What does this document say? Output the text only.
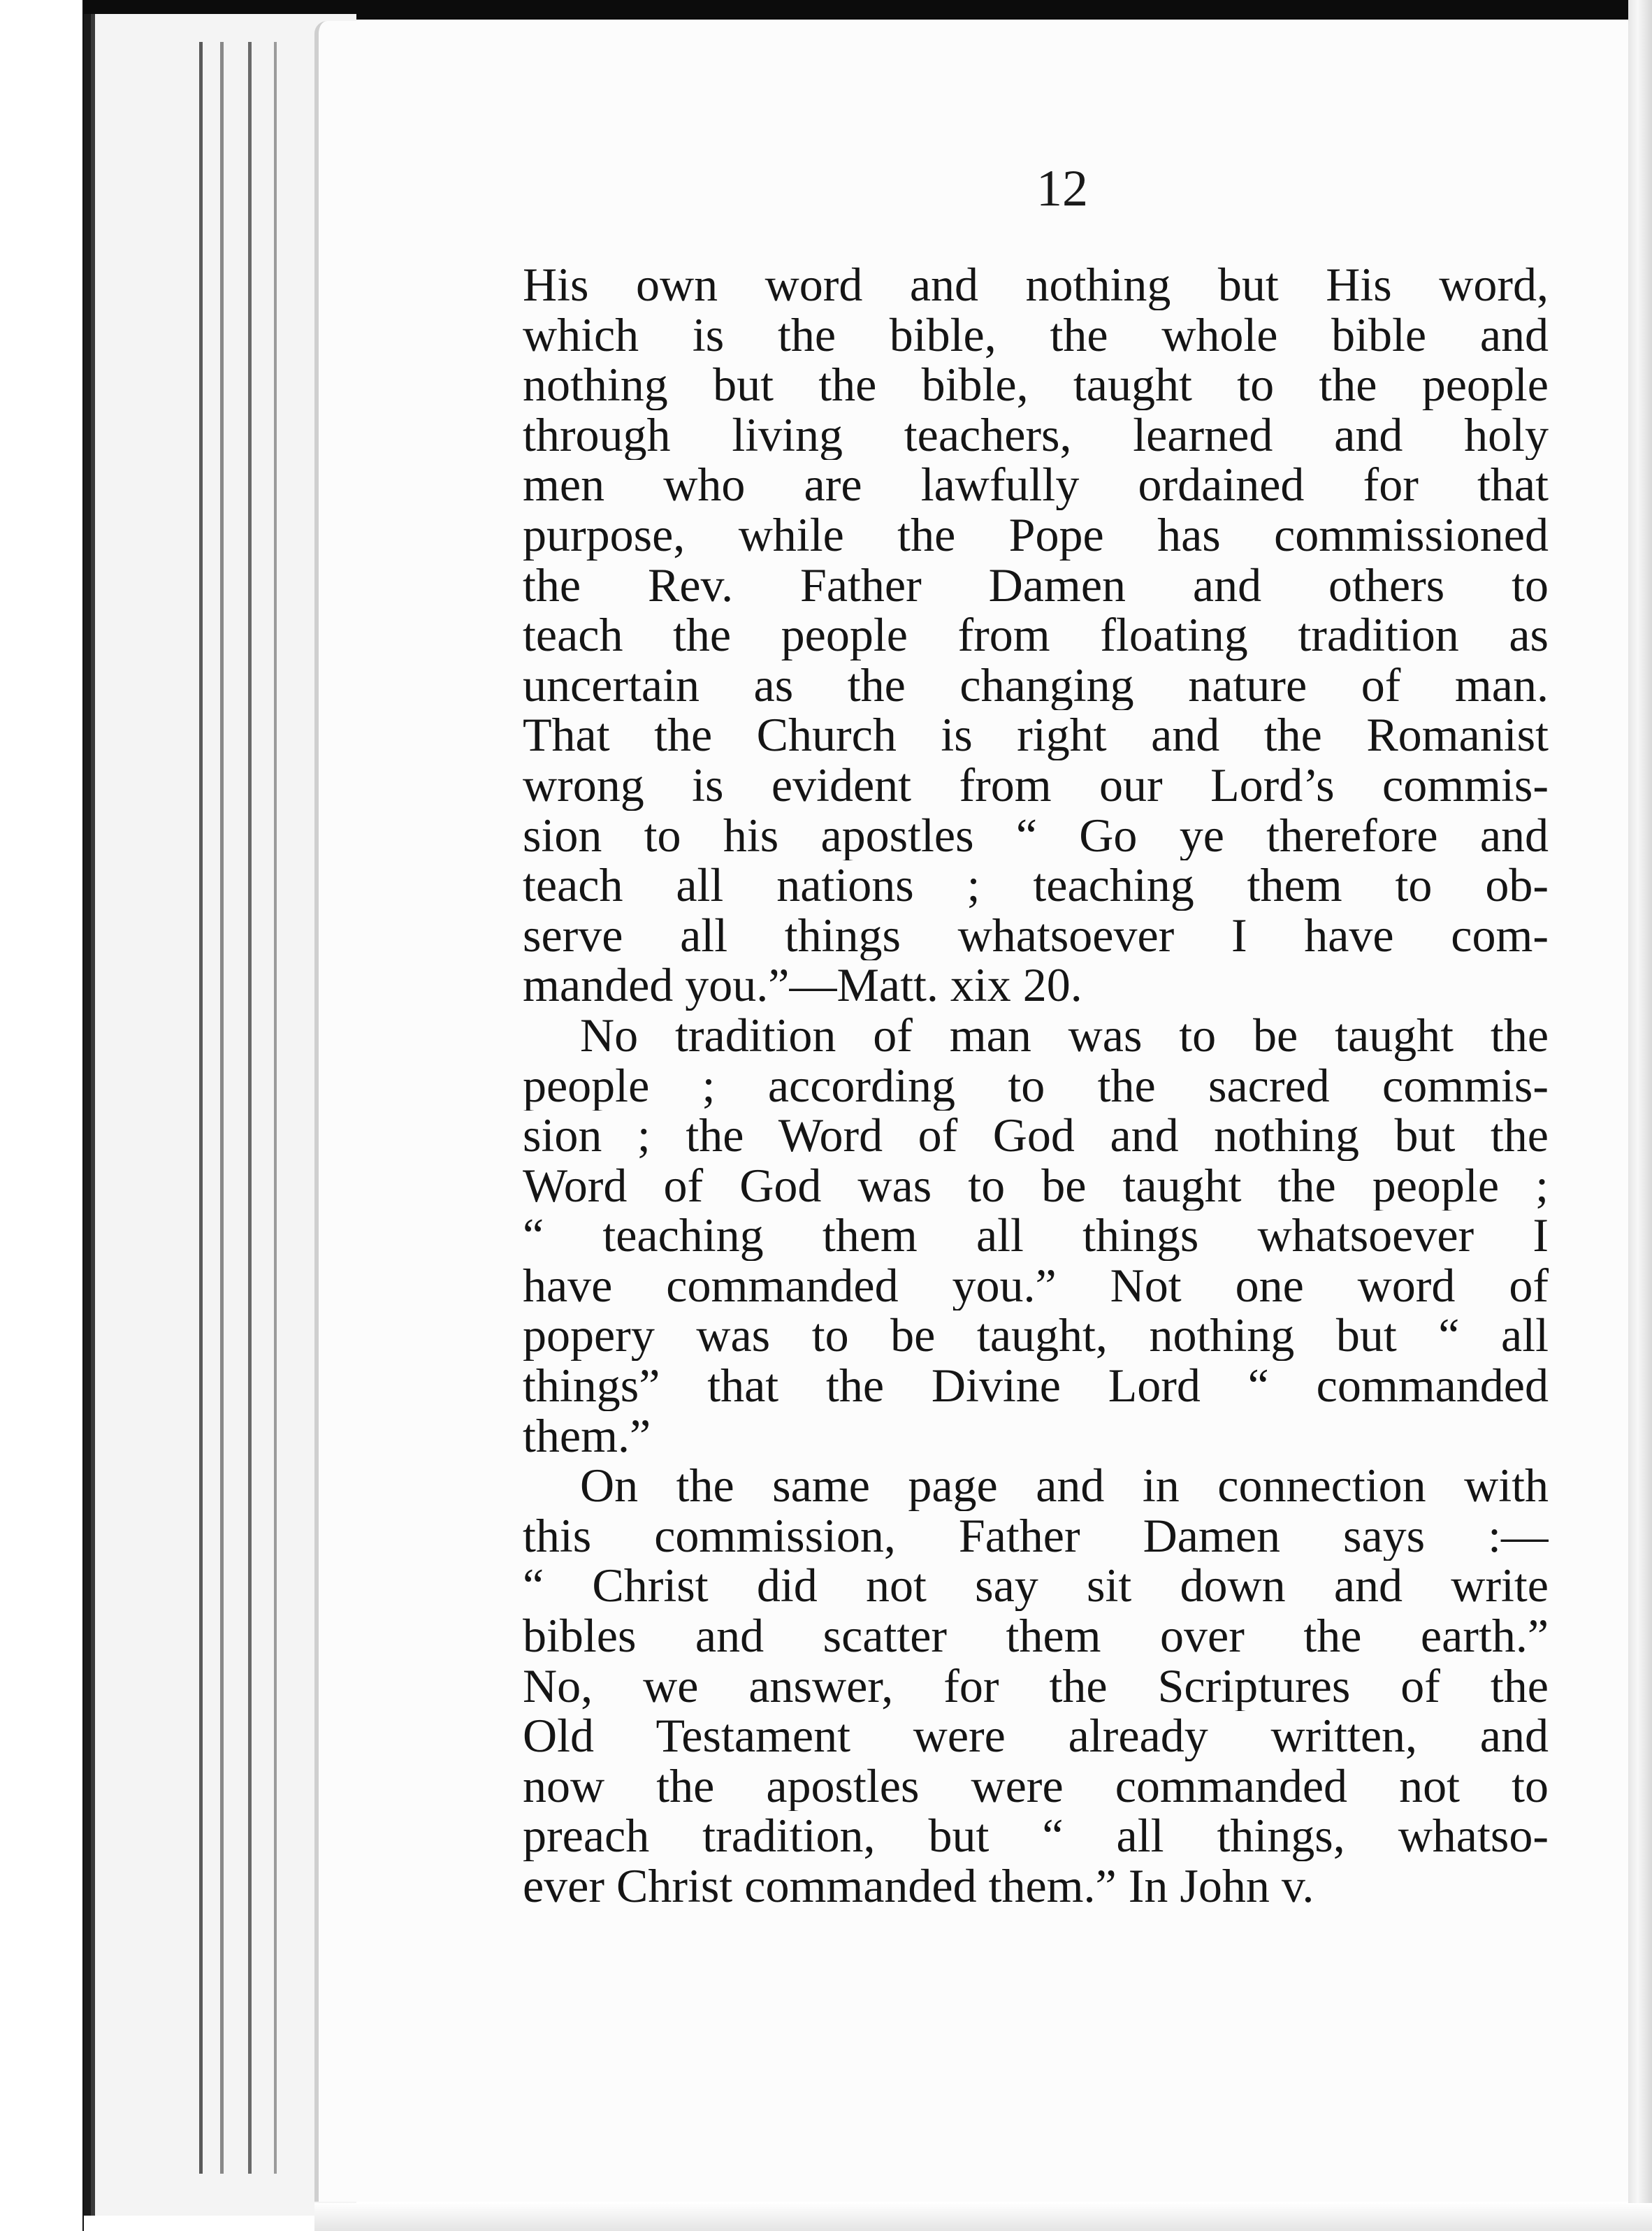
12
His own word and nothing but His word,
which is the bible, the whole bible and
nothing but the bible, taught to the people
through living teachers, learned and holy
men who are lawfully ordained for that
purpose, while the Pope has commissioned
the Rev. Father Damen and others to
teach the people from floating tradition as
uncertain as the changing nature of man.
That the Church is right and the Romanist
wrong is evident from our Lord’s commis-
sion to his apostles “ Go ye therefore and
teach all nations ; teaching them to ob-
serve all things whatsoever I have com-
manded you.”—Matt. xix 20.
No tradition of man was to be taught the
people ; according to the sacred commis-
sion ; the Word of God and nothing but the
Word of God was to be taught the people ;
“ teaching them all things whatsoever I
have commanded you.” Not one word of
popery was to be taught, nothing but “ all
things” that the Divine Lord “ commanded
them.”
On the same page and in connection with
this commission, Father Damen says :—
“ Christ did not say sit down and write
bibles and scatter them over the earth.”
No, we answer, for the Scriptures of the
Old Testament were already written, and
now the apostles were commanded not to
preach tradition, but “ all things, whatso-
ever Christ commanded them.” In John v.
